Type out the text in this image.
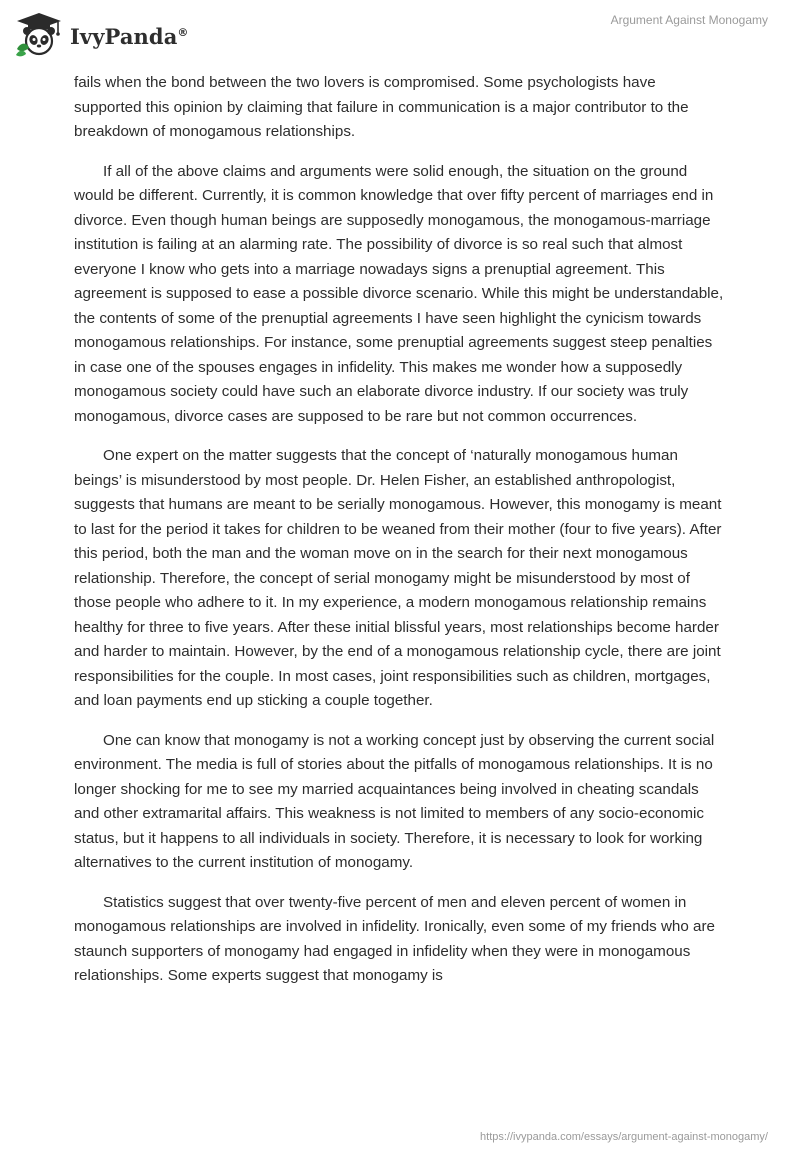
IvyPanda®
Argument Against Monogamy

fails when the bond between the two lovers is compromised. Some psychologists have supported this opinion by claiming that failure in communication is a major contributor to the breakdown of monogamous relationships.

If all of the above claims and arguments were solid enough, the situation on the ground would be different. Currently, it is common knowledge that over fifty percent of marriages end in divorce. Even though human beings are supposedly monogamous, the monogamous-marriage institution is failing at an alarming rate. The possibility of divorce is so real such that almost everyone I know who gets into a marriage nowadays signs a prenuptial agreement. This agreement is supposed to ease a possible divorce scenario. While this might be understandable, the contents of some of the prenuptial agreements I have seen highlight the cynicism towards monogamous relationships. For instance, some prenuptial agreements suggest steep penalties in case one of the spouses engages in infidelity. This makes me wonder how a supposedly monogamous society could have such an elaborate divorce industry. If our society was truly monogamous, divorce cases are supposed to be rare but not common occurrences.

One expert on the matter suggests that the concept of ‘naturally monogamous human beings’ is misunderstood by most people. Dr. Helen Fisher, an established anthropologist, suggests that humans are meant to be serially monogamous. However, this monogamy is meant to last for the period it takes for children to be weaned from their mother (four to five years). After this period, both the man and the woman move on in the search for their next monogamous relationship. Therefore, the concept of serial monogamy might be misunderstood by most of those people who adhere to it. In my experience, a modern monogamous relationship remains healthy for three to five years. After these initial blissful years, most relationships become harder and harder to maintain. However, by the end of a monogamous relationship cycle, there are joint responsibilities for the couple. In most cases, joint responsibilities such as children, mortgages, and loan payments end up sticking a couple together.

One can know that monogamy is not a working concept just by observing the current social environment. The media is full of stories about the pitfalls of monogamous relationships. It is no longer shocking for me to see my married acquaintances being involved in cheating scandals and other extramarital affairs. This weakness is not limited to members of any socio-economic status, but it happens to all individuals in society. Therefore, it is necessary to look for working alternatives to the current institution of monogamy.

Statistics suggest that over twenty-five percent of men and eleven percent of women in monogamous relationships are involved in infidelity. Ironically, even some of my friends who are staunch supporters of monogamy had engaged in infidelity when they were in monogamous relationships. Some experts suggest that monogamy is

https://ivypanda.com/essays/argument-against-monogamy/
